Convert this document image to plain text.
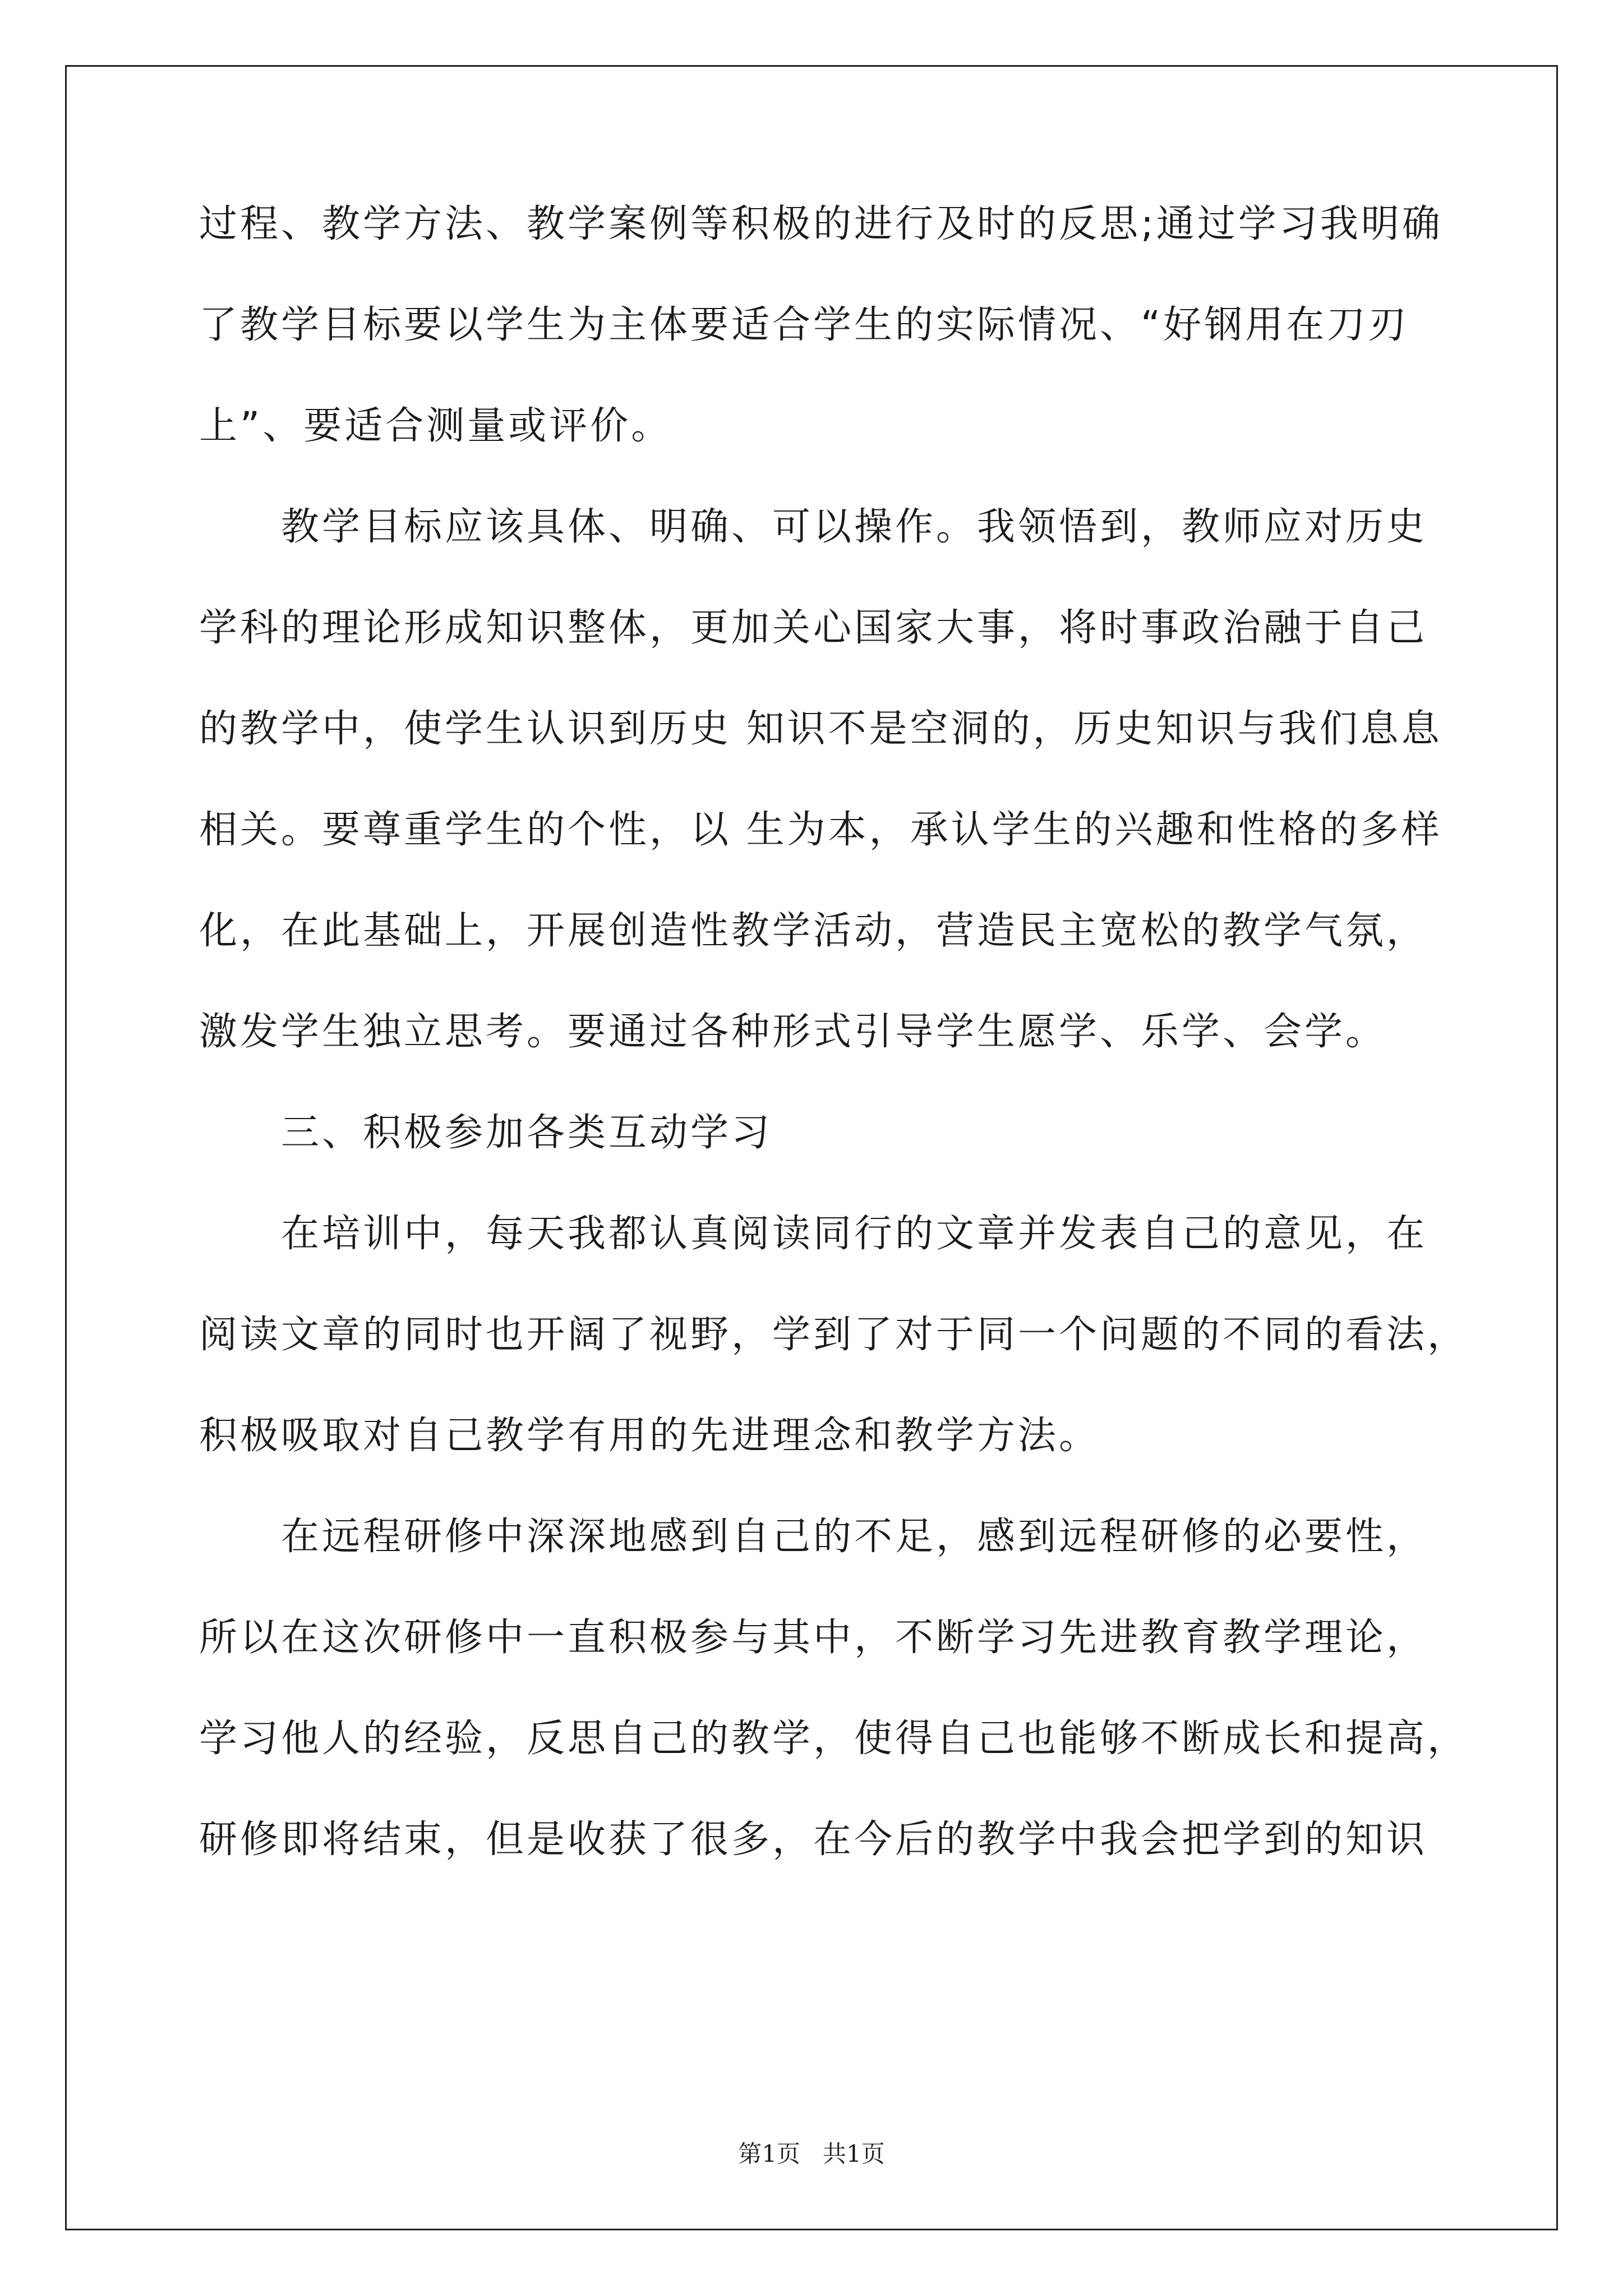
过程、教学方法、教学案例等积极的进行及时的反思;通过学习我明确
了教学目标要以学生为主体要适合学生的实际情况、“好钢用在刀刃
上”、要适合测量或评价。
　　教学目标应该具体、明确、可以操作。我领悟到，教师应对历史
学科的理论形成知识整体，更加关心国家大事，将时事政治融于自己
的教学中，使学生认识到历史 知识不是空洞的，历史知识与我们息息
相关。要尊重学生的个性，以 生为本，承认学生的兴趣和性格的多样
化，在此基础上，开展创造性教学活动，营造民主宽松的教学气氛，
激发学生独立思考。要通过各种形式引导学生愿学、乐学、会学。
　　三、积极参加各类互动学习
　　在培训中，每天我都认真阅读同行的文章并发表自己的意见，在
阅读文章的同时也开阔了视野，学到了对于同一个问题的不同的看法，
积极吸取对自己教学有用的先进理念和教学方法。
　　在远程研修中深深地感到自己的不足，感到远程研修的必要性，
所以在这次研修中一直积极参与其中，不断学习先进教育教学理论，
学习他人的经验，反思自己的教学，使得自己也能够不断成长和提高，
研修即将结束，但是收获了很多，在今后的教学中我会把学到的知识
第1页   共1页
